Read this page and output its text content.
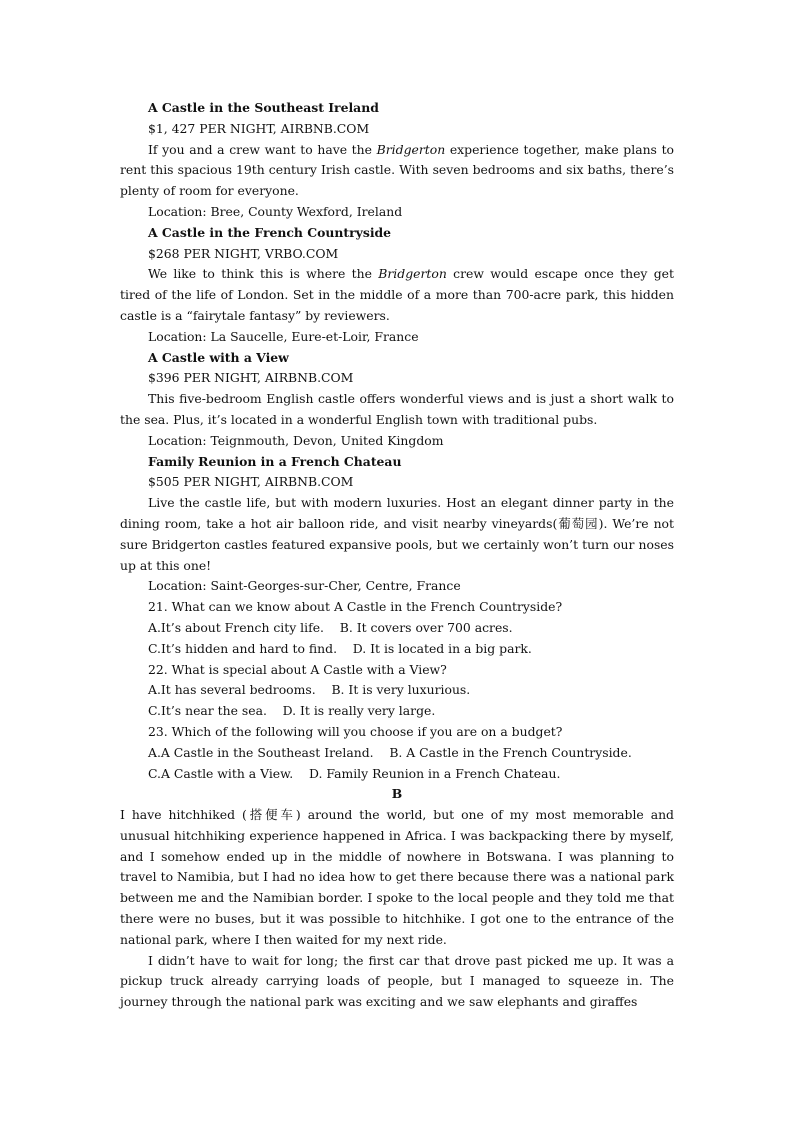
A Castle in the Southeast Ireland
$1, 427 PER NIGHT, AIRBNB.COM
If you and a crew want to have the Bridgerton experience together, make plans to rent this spacious 19th century Irish castle. With seven bedrooms and six baths, there’s plenty of room for everyone.
Location: Bree, County Wexford, Ireland
A Castle in the French Countryside
$268 PER NIGHT, VRBO.COM
We like to think this is where the Bridgerton crew would escape once they get tired of the life of London. Set in the middle of a more than 700-acre park, this hidden castle is a “fairytale fantasy” by reviewers.
Location: La Saucelle, Eure-et-Loir, France
A Castle with a View
$396 PER NIGHT, AIRBNB.COM
This five-bedroom English castle offers wonderful views and is just a short walk to the sea. Plus, it’s located in a wonderful English town with traditional pubs.
Location: Teignmouth, Devon, United Kingdom
Family Reunion in a French Chateau
$505 PER NIGHT, AIRBNB.COM
Live the castle life, but with modern luxuries. Host an elegant dinner party in the dining room, take a hot air balloon ride, and visit nearby vineyards(葡萄园). We’re not sure Bridgerton castles featured expansive pools, but we certainly won’t turn our noses up at this one!
Location: Saint-Georges-sur-Cher, Centre, France
21. What can we know about A Castle in the French Countryside?
A.It’s about French city life.    B. It covers over 700 acres.
C.It’s hidden and hard to find.    D. It is located in a big park.
22. What is special about A Castle with a View?
A.It has several bedrooms.    B. It is very luxurious.
C.It’s near the sea.    D. It is really very large.
23. Which of the following will you choose if you are on a budget?
A.A Castle in the Southeast Ireland.    B. A Castle in the French Countryside.
C.A Castle with a View.    D. Family Reunion in a French Chateau.
B
I have hitchhiked (搭便车) around the world, but one of my most memorable and unusual hitchhiking experience happened in Africa. I was backpacking there by myself, and I somehow ended up in the middle of nowhere in Botswana. I was planning to travel to Namibia, but I had no idea how to get there because there was a national park between me and the Namibian border. I spoke to the local people and they told me that there were no buses, but it was possible to hitchhike. I got one to the entrance of the national park, where I then waited for my next ride.
I didn’t have to wait for long; the first car that drove past picked me up. It was a pickup truck already carrying loads of people, but I managed to squeeze in. The journey through the national park was exciting and we saw elephants and giraffes
